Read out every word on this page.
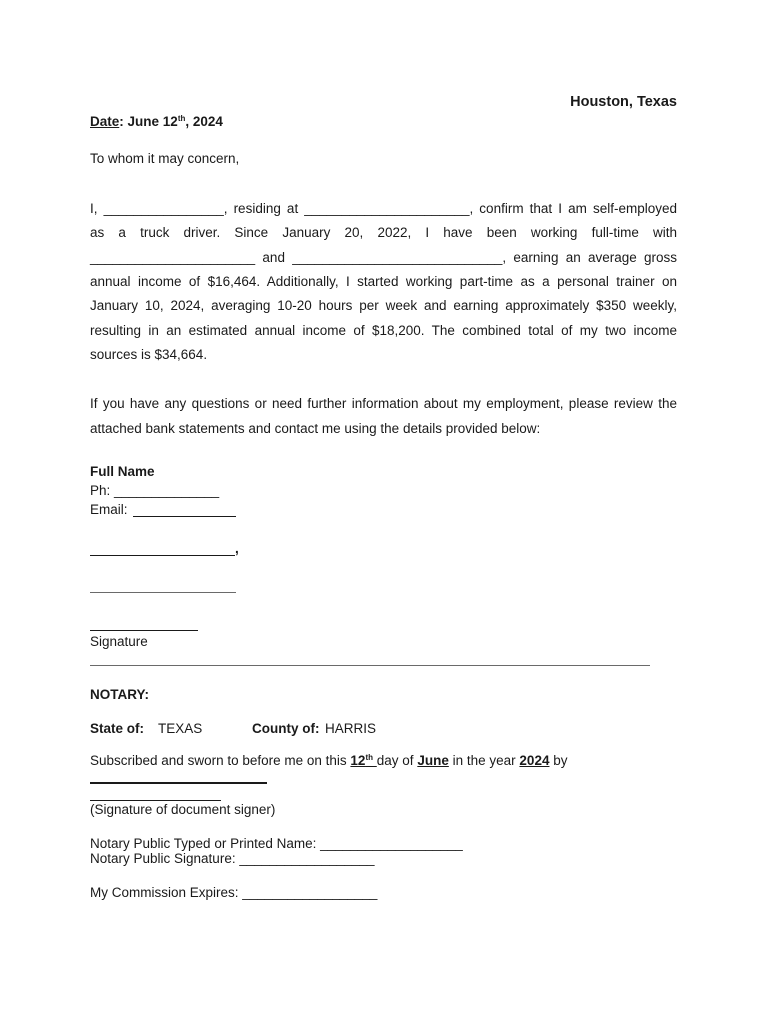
Houston, Texas
Date: June 12th, 2024
To whom it may concern,
I, ________________, residing at ______________________, confirm that I am self-employed
as a truck driver. Since January 20, 2022, I have been working full-time with
______________________ and ____________________________, earning an average gross
annual income of $16,464. Additionally, I started working part-time as a personal trainer on
January 10, 2024, averaging 10-20 hours per week and earning approximately $350 weekly,
resulting in an estimated annual income of $18,200. The combined total of my two income
sources is $34,664.
If you have any questions or need further information about my employment, please review the
attached bank statements and contact me using the details provided below:
Full Name
Ph: ______________
Email:
,
Signature
NOTARY:
State of: TEXAS	County of: HARRIS
Subscribed and sworn to before me on this 12th day of June in the year 2024 by
(Signature of document signer)
Notary Public Typed or Printed Name: ___________________
Notary Public Signature: __________________
My Commission Expires: __________________
